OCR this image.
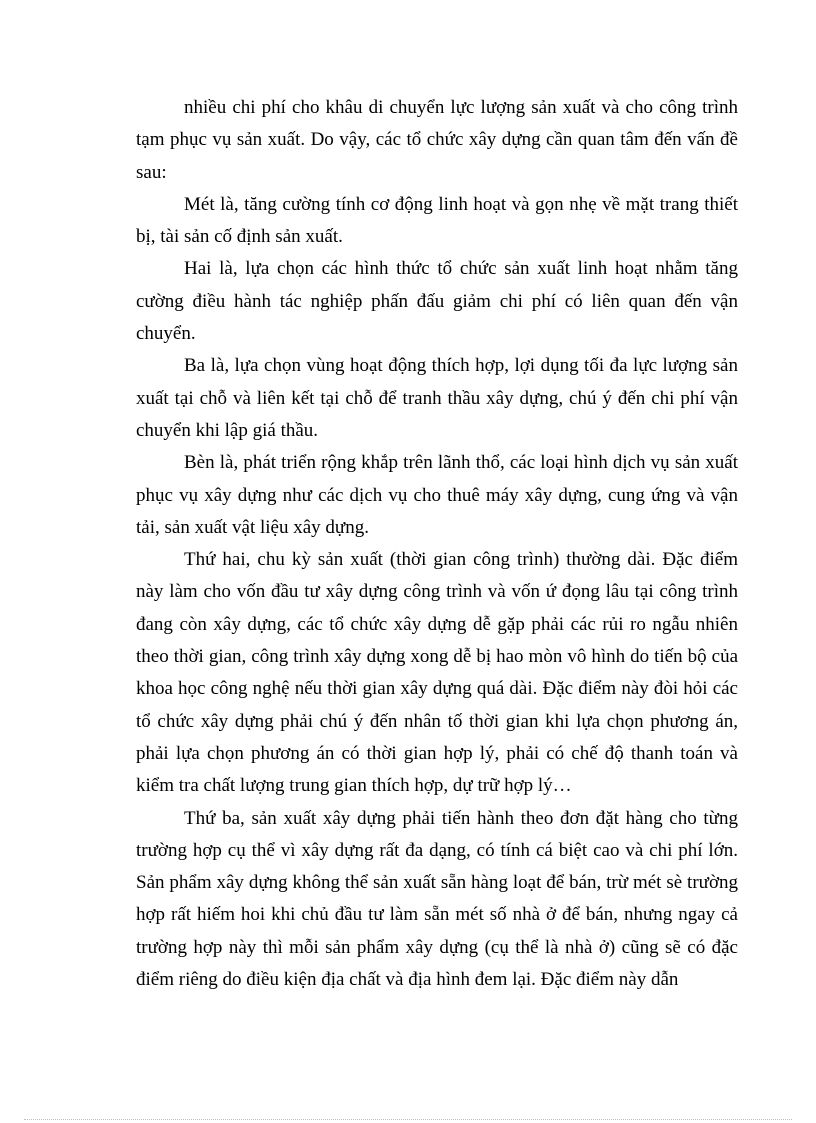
nhiều chi phí cho khâu di chuyển lực lượng sản xuất và cho công trình tạm phục vụ sản xuất. Do vậy, các tổ chức xây dựng cần quan tâm đến vấn đề sau:

Mét là, tăng cường tính cơ động linh hoạt và gọn nhẹ về mặt trang thiết bị, tài sản cố định sản xuất.

Hai là, lựa chọn các hình thức tổ chức sản xuất linh hoạt nhằm tăng cường điều hành tác nghiệp phấn đấu giảm chi phí có liên quan đến vận chuyển.

Ba là, lựa chọn vùng hoạt động thích hợp, lợi dụng tối đa lực lượng sản xuất tại chỗ và liên kết tại chỗ để tranh thầu xây dựng, chú ý đến chi phí vận chuyển khi lập giá thầu.

Bèn là, phát triển rộng khắp trên lãnh thổ, các loại hình dịch vụ sản xuất phục vụ xây dựng như các dịch vụ cho thuê máy xây dựng, cung ứng và vận tải, sản xuất vật liệu xây dựng.

Thứ hai, chu kỳ sản xuất (thời gian công trình) thường dài. Đặc điểm này làm cho vốn đầu tư xây dựng công trình và vốn ứ đọng lâu tại công trình đang còn xây dựng, các tổ chức xây dựng dễ gặp phải các rủi ro ngẫu nhiên theo thời gian, công trình xây dựng xong dễ bị hao mòn vô hình do tiến bộ của khoa học công nghệ nếu thời gian xây dựng quá dài. Đặc điểm này đòi hỏi các tổ chức xây dựng phải chú ý đến nhân tố thời gian khi lựa chọn phương án, phải lựa chọn phương án có thời gian hợp lý, phải có chế độ thanh toán và kiểm tra chất lượng trung gian thích hợp, dự trữ hợp lý…

Thứ ba, sản xuất xây dựng phải tiến hành theo đơn đặt hàng cho từng trường hợp cụ thể vì xây dựng rất đa dạng, có tính cá biệt cao và chi phí lớn. Sản phẩm xây dựng không thể sản xuất sẵn hàng loạt để bán, trừ mét sè trường hợp rất hiếm hoi khi chủ đầu tư làm sẵn mét số nhà ở để bán, nhưng ngay cả trường hợp này thì mỗi sản phẩm xây dựng (cụ thể là nhà ở) cũng sẽ có đặc điểm riêng do điều kiện địa chất và địa hình đem lại. Đặc điểm này dẫn
